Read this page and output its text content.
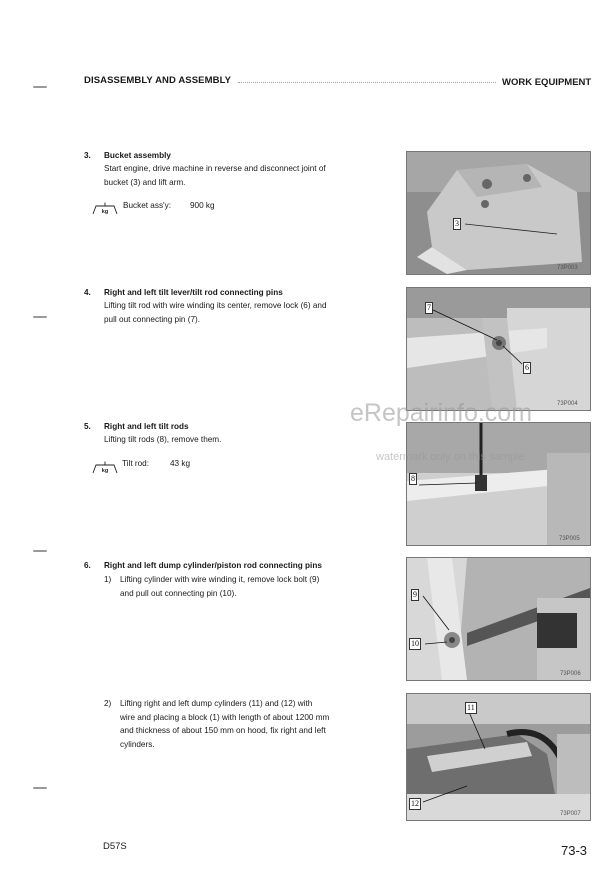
DISASSEMBLY AND ASSEMBLY	WORK EQUIPMENT
3. Bucket assembly
Start engine, drive machine in reverse and disconnect joint of
bucket (3) and lift arm.
kg
Bucket ass'y: 900 kg
3
73P003
4. Right and left tilt lever/tilt rod connecting pins
Lifting tilt rod with wire winding its center, remove lock (6) and
pull out connecting pin (7).
7
6
73P004
5. Right and left tilt rods
Lifting tilt rods (8), remove them.
kg
Tilt rod:	43 kg
8
73P005
6. Right and left dump cylinder/piston rod connecting pins
1) Lifting cylinder with wire winding it, remove lock bolt (9)
and pull out connecting pin (10).	9
10
73P006
2) Lifting right and left dump cylinders (11) and (12) with
wire and placing a block (1) with length of about 1200 mm
and thickness of about 150 mm on hood, fix right and left
cylinders.
11
12
73P007
eRepairinfo.com
watermark only on this sample
D57S	73-3
